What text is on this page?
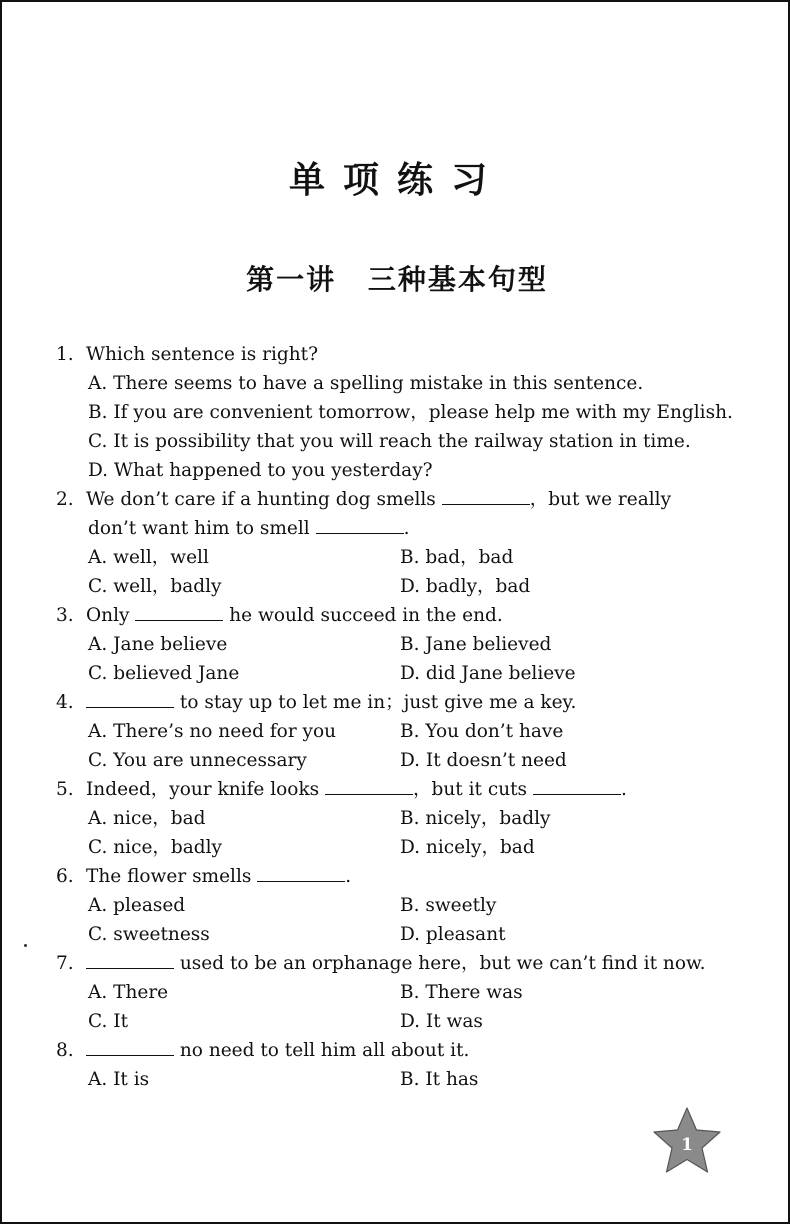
单项练习
第一讲 三种基本句型
1. Which sentence is right?
A. There seems to have a spelling mistake in this sentence.
B. If you are convenient tomorrow，please help me with my English.
C. It is possibility that you will reach the railway station in time.
D. What happened to you yesterday?
2. We don’t care if a hunting dog smells	，but we really
don’t want him to smell	.
A. well，well	B. bad，bad
C. well，badly	D. badly，bad
3. Only	he would succeed in the end.
A. Jane believe	B. Jane believed
C. believed Jane	D. did Jane believe
4.	to stay up to let me in；just give me a key.
A. There’s no need for you	B. You don’t have
C. You are unnecessary	D. It doesn’t need
5. Indeed，your knife looks	，but it cuts	.
A. nice，bad	B. nicely，badly
C. nice，badly	D. nicely，bad
6. The flower smells	.
A. pleased	B. sweetly
C. sweetness	D. pleasant
7.	used to be an orphanage here，but we can’t find it now.
A. There	B. There was
C. It	D. It was
8.	no need to tell him all about it.
A. It is	B. It has
1
